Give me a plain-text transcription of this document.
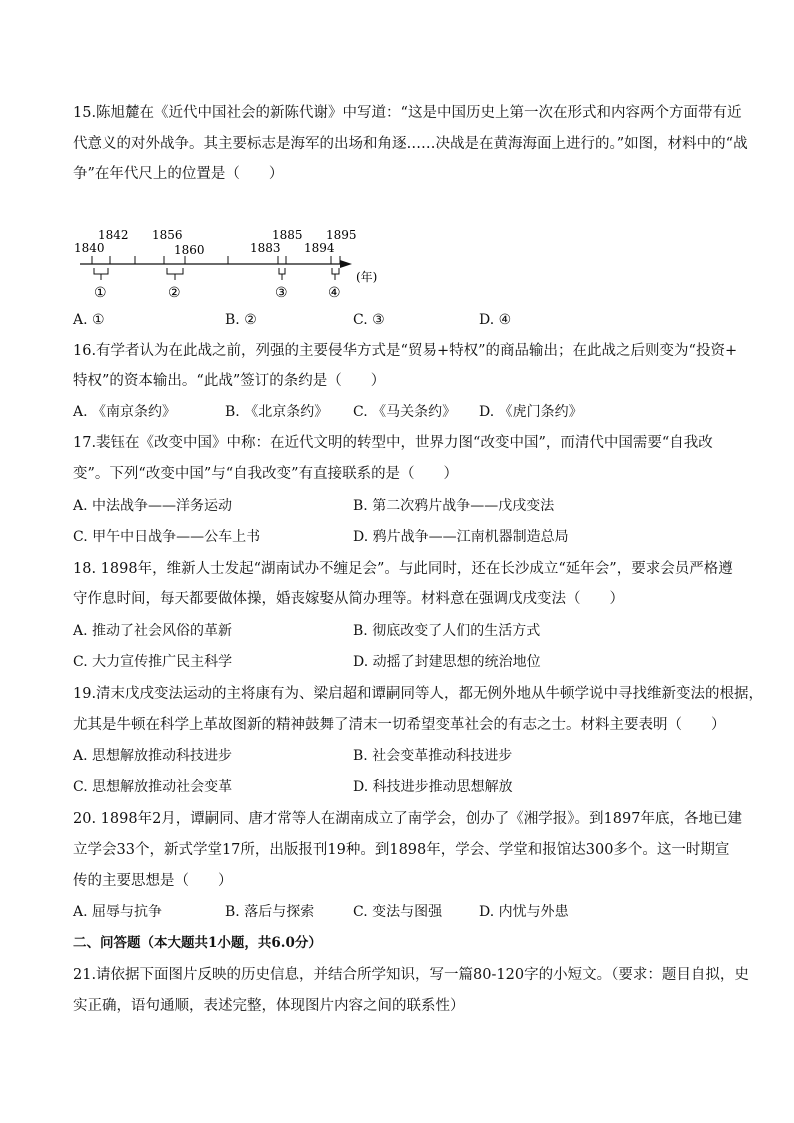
15.陈旭麓在《近代中国社会的新陈代谢》中写道：“这是中国历史上第一次在形式和内容两个方面带有近
代意义的对外战争。其主要标志是海军的出场和角逐……决战是在黄海海面上进行的。”如图，材料中的“战
争”在年代尺上的位置是（　　）
1840
1842 1856
1860	1883
1885
1894
1895
(年)
①	②	③	④
A. ①	B. ②	C. ③	D. ④
16.有学者认为在此战之前，列强的主要侵华方式是“贸易+特权”的商品输出；在此战之后则变为“投资+
特权”的资本输出。“此战”签订的条约是（　　）
A. 《南京条约》	B. 《北京条约》 C. 《马关条约》 D. 《虎门条约》
17.裴钰在《改变中国》中称：在近代文明的转型中，世界力图“改变中国”，而清代中国需要“自我改
变”。下列“改变中国”与“自我改变”有直接联系的是（　　）
A. 中法战争——洋务运动	B. 第二次鸦片战争——戊戌变法
C. 甲午中日战争——公车上书	D. 鸦片战争——江南机器制造总局
18. 1898年，维新人士发起“湖南试办不缠足会”。与此同时，还在长沙成立“延年会”，要求会员严格遵
守作息时间，每天都要做体操，婚丧嫁娶从简办理等。材料意在强调戊戌变法（　　）
A. 推动了社会风俗的革新	B. 彻底改变了人们的生活方式
C. 大力宣传推广民主科学	D. 动摇了封建思想的统治地位
19.清末戊戌变法运动的主将康有为、梁启超和谭嗣同等人，都无例外地从牛顿学说中寻找维新变法的根据，
尤其是牛顿在科学上革故图新的精神鼓舞了清末一切希望变革社会的有志之士。材料主要表明（　　）
A. 思想解放推动科技进步	B. 社会变革推动科技进步
C. 思想解放推动社会变革	D. 科技进步推动思想解放
20. 1898年2月，谭嗣同、唐才常等人在湖南成立了南学会，创办了《湘学报》。到1897年底，各地已建
立学会33个，新式学堂17所，出版报刊19种。到1898年，学会、学堂和报馆达300多个。这一时期宣
传的主要思想是（　　）
A. 屈辱与抗争	B. 落后与探索	C. 变法与图强	D. 内忧与外患
二、问答题（本大题共1小题，共6.0分）
21.请依据下面图片反映的历史信息，并结合所学知识，写一篇80-120字的小短文。（要求：题目自拟，史
实正确，语句通顺，表述完整，体现图片内容之间的联系性）
